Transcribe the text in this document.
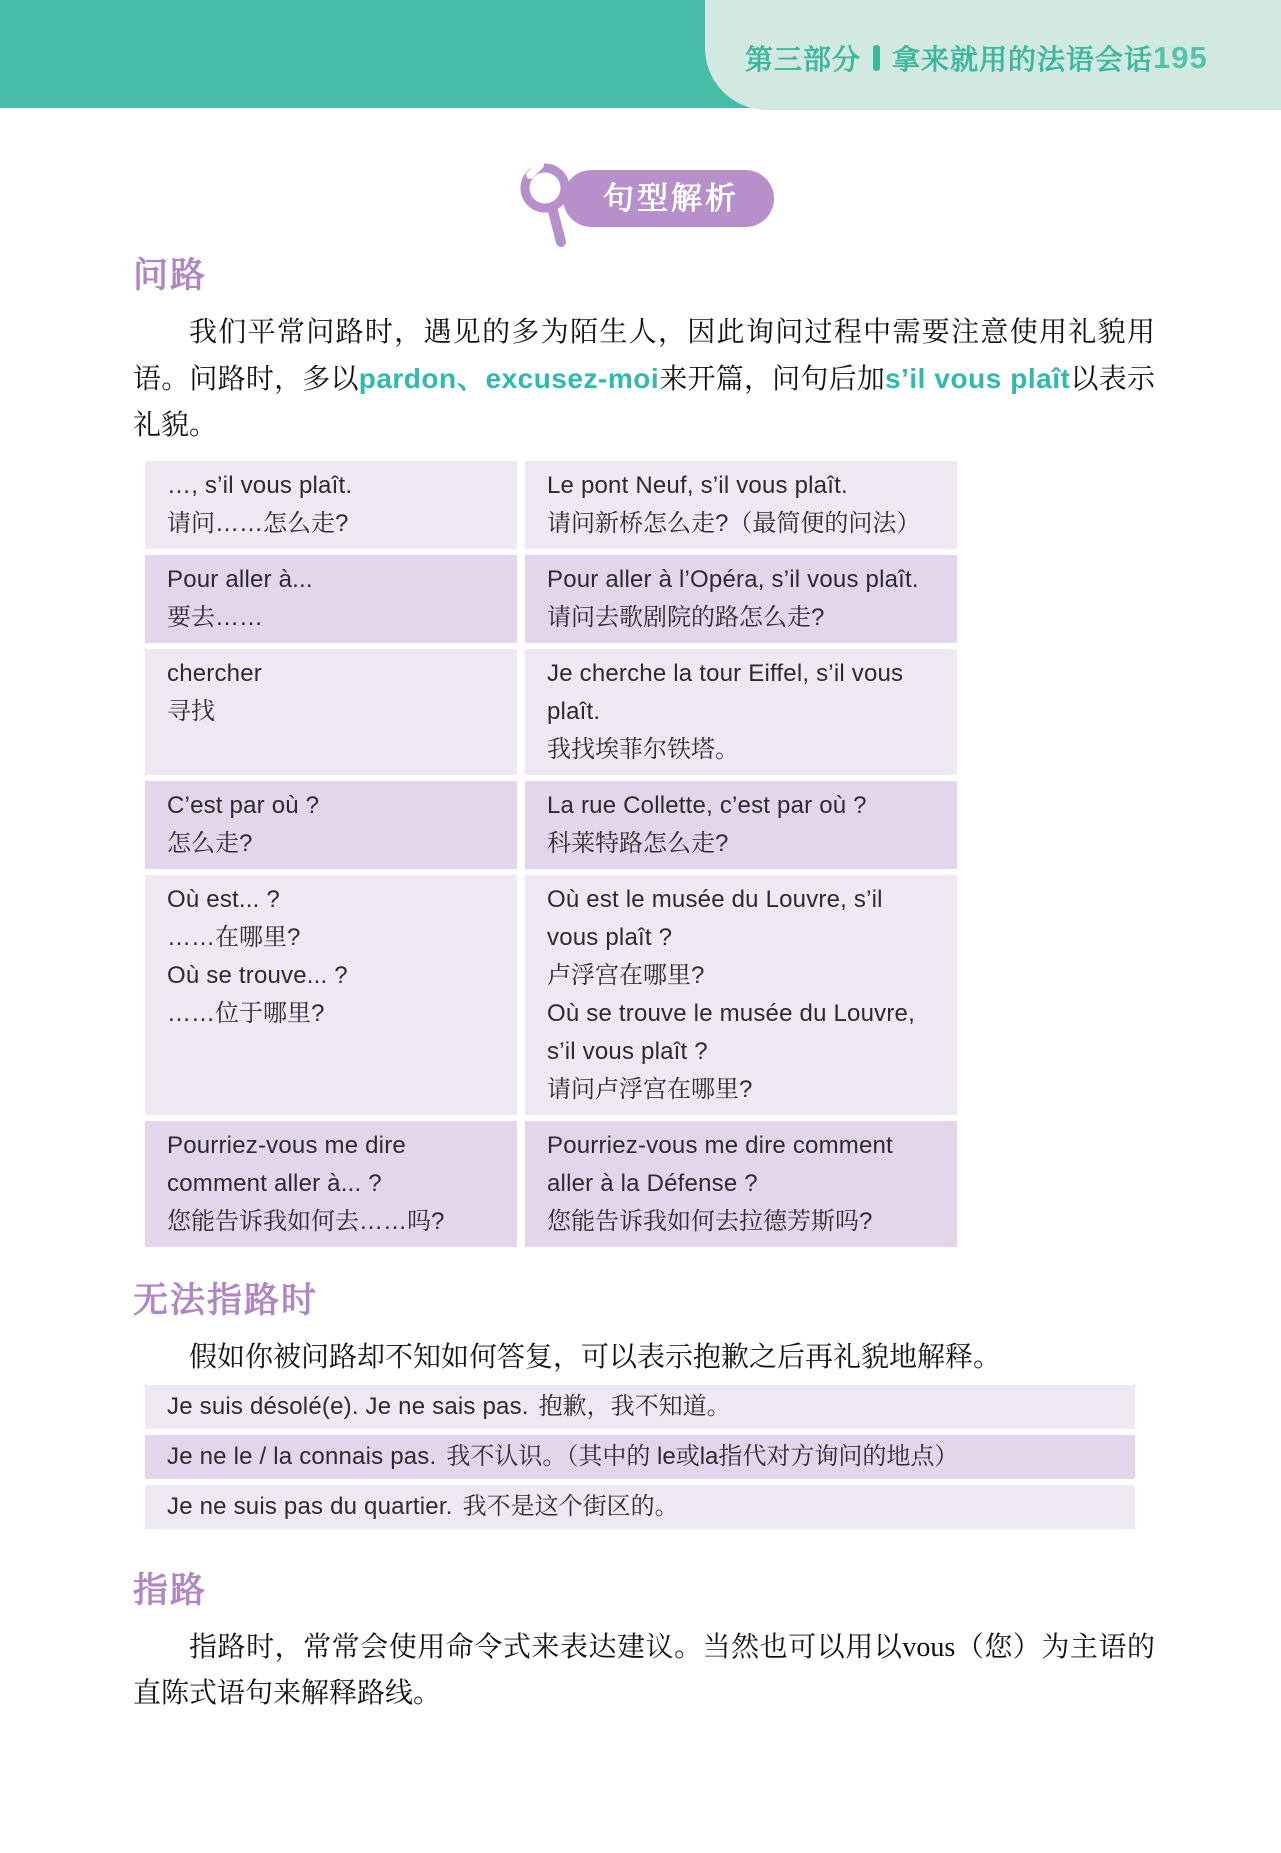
第三部分 拿来就用的法语会话 195
句型解析
问路

我们平常问路时，遇见的多为陌生人，因此询问过程中需要注意使用礼貌用语。问路时，多以pardon、excusez-moi来开篇，问句后加s’il vous plaît以表示礼貌。

…, s’il vous plaît.
请问……怎么走?
Le pont Neuf, s’il vous plaît.
请问新桥怎么走?（最简便的问法）
Pour aller à...
要去……
Pour aller à l’Opéra, s’il vous plaît.
请问去歌剧院的路怎么走?
chercher
寻找
Je cherche la tour Eiffel, s’il vous plaît.
我找埃菲尔铁塔。
C’est par où ?
怎么走?
La rue Collette, c’est par où ?
科莱特路怎么走?
Où est... ?
……在哪里?
Où se trouve... ?
……位于哪里?
Où est le musée du Louvre, s’il vous plaît ?
卢浮宫在哪里?
Où se trouve le musée du Louvre, s’il vous plaît ?
请问卢浮宫在哪里?
Pourriez-vous me dire
comment aller à... ?
您能告诉我如何去……吗?
Pourriez-vous me dire comment aller à la Défense ?
您能告诉我如何去拉德芳斯吗?
无法指路时

假如你被问路却不知如何答复，可以表示抱歉之后再礼貌地解释。

Je suis désolé(e). Je ne sais pas. 抱歉，我不知道。
Je ne le / la connais pas. 我不认识。（其中的 le或la指代对方询问的地点）
Je ne suis pas du quartier. 我不是这个街区的。
指路

指路时，常常会使用命令式来表达建议。当然也可以用以vous（您）为主语的直陈式语句来解释路线。
